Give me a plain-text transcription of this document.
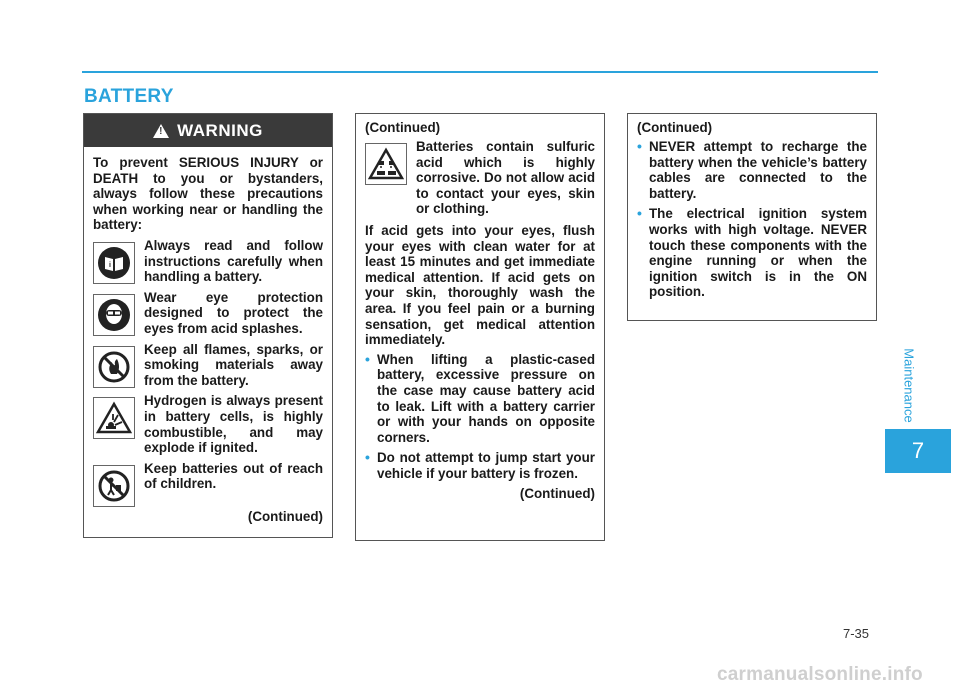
BATTERY
!
WARNING

To prevent SERIOUS INJURY or DEATH to you or bystanders, always follow these precautions when working near or handling the battery:

i

Always read and follow instructions carefully when handling a battery.

Wear eye protection designed to protect the eyes from acid splashes.

Keep all flames, sparks, or smoking materials away from the battery.

Hydrogen is always present in battery cells, is highly combustible, and may explode if ignited.

Keep batteries out of reach of children.

(Continued)
(Continued)

Batteries contain sulfuric acid which is highly corrosive. Do not allow acid to contact your eyes, skin or clothing.

If acid gets into your eyes, flush your eyes with clean water for at least 15 minutes and get immediate medical attention. If acid gets on your skin, thoroughly wash the area. If you feel pain or a burning sensation, get medical attention immediately.

• When lifting a plastic-cased battery, excessive pressure on the case may cause battery acid to leak. Lift with a battery carrier or with your hands on opposite corners.
• Do not attempt to jump start your vehicle if your battery is frozen.
(Continued)
(Continued)
• NEVER attempt to recharge the battery when the vehicle’s battery cables are connected to the battery.
• The electrical ignition system works with high voltage. NEVER touch these components with the engine running or when the ignition switch is in the ON position.
Maintenance
7
7-35
carmanualsonline.info
